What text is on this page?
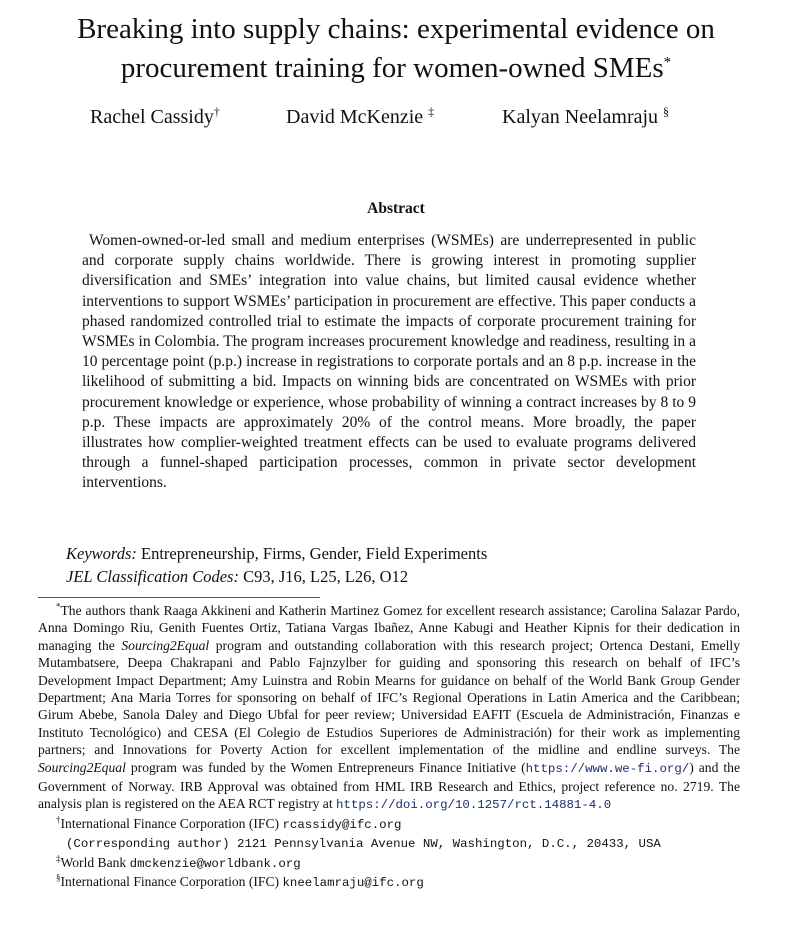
Breaking into supply chains: experimental evidence on
procurement training for women-owned SMEs*
Rachel Cassidy†	David McKenzie ‡	Kalyan Neelamraju §
Abstract
Women-owned-or-led small and medium enterprises (WSMEs) are underrepresented in public and corporate supply chains worldwide. There is growing interest in promoting supplier diversification and SMEs’ integration into value chains, but limited causal evidence whether interventions to support WSMEs’ participation in procurement are effective. This paper conducts a phased randomized controlled trial to estimate the impacts of corporate procurement training for WSMEs in Colombia. The program increases procurement knowledge and readiness, resulting in a 10 percentage point (p.p.) increase in registrations to corporate portals and an 8 p.p. increase in the likelihood of submitting a bid. Impacts on winning bids are concentrated on WSMEs with prior procurement knowledge or experience, whose probability of winning a contract increases by 8 to 9 p.p. These impacts are approximately 20% of the control means. More broadly, the paper illustrates how complier-weighted treatment effects can be used to evaluate programs delivered through a funnel-shaped participation processes, common in private sector development interventions.
Keywords: Entrepreneurship, Firms, Gender, Field Experiments
JEL Classification Codes: C93, J16, L25, L26, O12

*The authors thank Raaga Akkineni and Katherin Martinez Gomez for excellent research assistance; Carolina Salazar Pardo, Anna Domingo Riu, Genith Fuentes Ortiz, Tatiana Vargas Ibañez, Anne Kabugi and Heather Kipnis for their dedication in managing the Sourcing2Equal program and outstanding collaboration with this research project; Ortenca Destani, Emelly Mutambatsere, Deepa Chakrapani and Pablo Fajnzylber for guiding and sponsoring this research on behalf of IFC’s Development Impact Department; Amy Luinstra and Robin Mearns for guidance on behalf of the World Bank Group Gender Department; Ana Maria Torres for sponsoring on behalf of IFC’s Regional Operations in Latin America and the Caribbean; Girum Abebe, Sanola Daley and Diego Ubfal for peer review; Universidad EAFIT (Escuela de Administración, Finanzas e Instituto Tecnológico) and CESA (El Colegio de Estudios Superiores de Administración) for their work as implementing partners; and Innovations for Poverty Action for excellent implementation of the midline and endline surveys. The Sourcing2Equal program was funded by the Women Entrepreneurs Finance Initiative (https://www.we-fi.org/) and the Government of Norway. IRB Approval was obtained from HML IRB Research and Ethics, project reference no. 2719. The analysis plan is registered on the AEA RCT registry at https://doi.org/10.1257/rct.14881-4.0

†International Finance Corporation (IFC) rcassidy@ifc.org

(Corresponding author) 2121 Pennsylvania Avenue NW, Washington, D.C., 20433, USA

‡World Bank dmckenzie@worldbank.org

§International Finance Corporation (IFC) kneelamraju@ifc.org
